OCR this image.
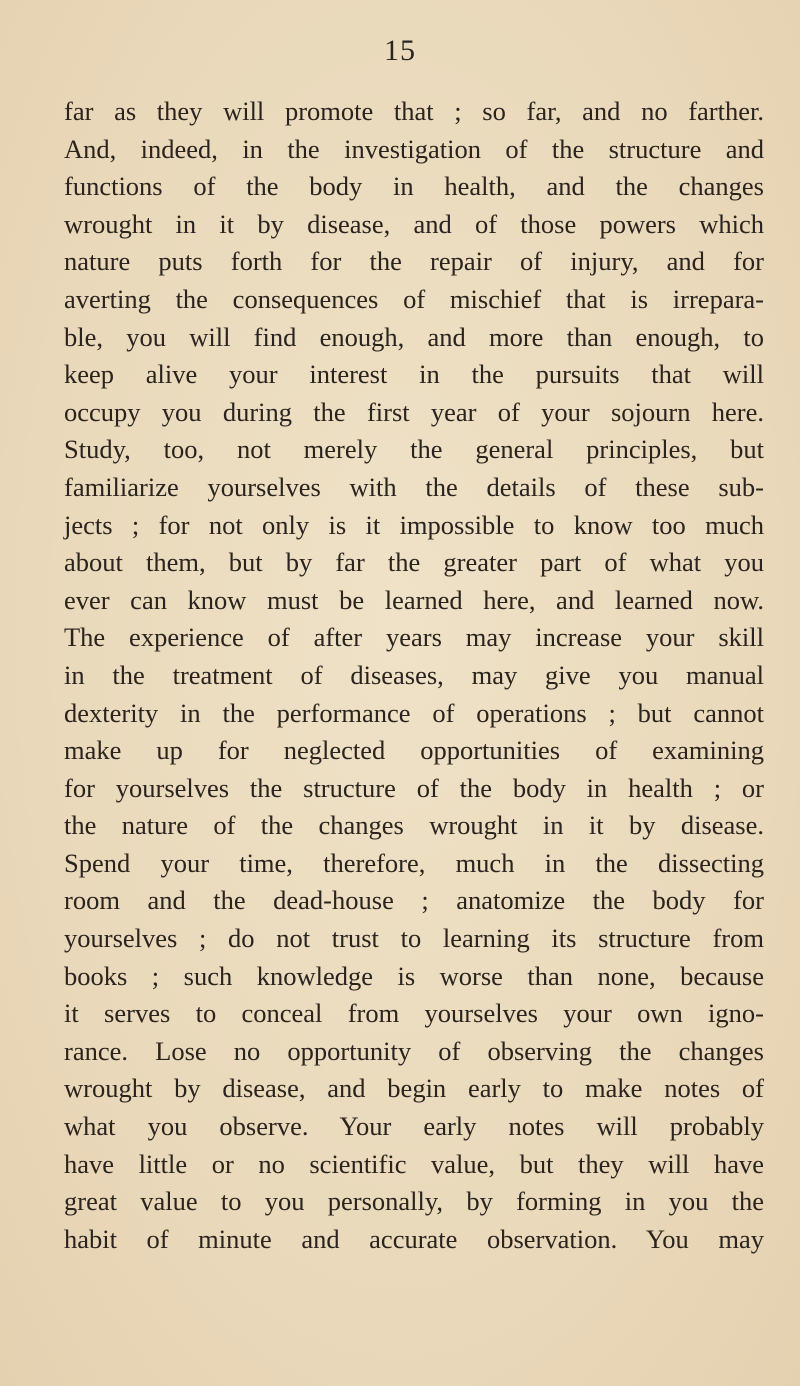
15
far as they will promote that ; so far, and no farther.
And, indeed, in the investigation of the structure and
functions of the body in health, and the changes
wrought in it by disease, and of those powers which
nature puts forth for the repair of injury, and for
averting the consequences of mischief that is irrepara-
ble, you will find enough, and more than enough, to
keep alive your interest in the pursuits that will
occupy you during the first year of your sojourn here.
Study, too, not merely the general principles, but
familiarize yourselves with the details of these sub-
jects ; for not only is it impossible to know too much
about them, but by far the greater part of what you
ever can know must be learned here, and learned now.
The experience of after years may increase your skill
in the treatment of diseases, may give you manual
dexterity in the performance of operations ; but cannot
make up for neglected opportunities of examining
for yourselves the structure of the body in health ; or
the nature of the changes wrought in it by disease.
Spend your time, therefore, much in the dissecting
room and the dead-house ; anatomize the body for
yourselves ; do not trust to learning its structure from
books ; such knowledge is worse than none, because
it serves to conceal from yourselves your own igno-
rance. Lose no opportunity of observing the changes
wrought by disease, and begin early to make notes of
what you observe. Your early notes will probably
have little or no scientific value, but they will have
great value to you personally, by forming in you the
habit of minute and accurate observation. You may
